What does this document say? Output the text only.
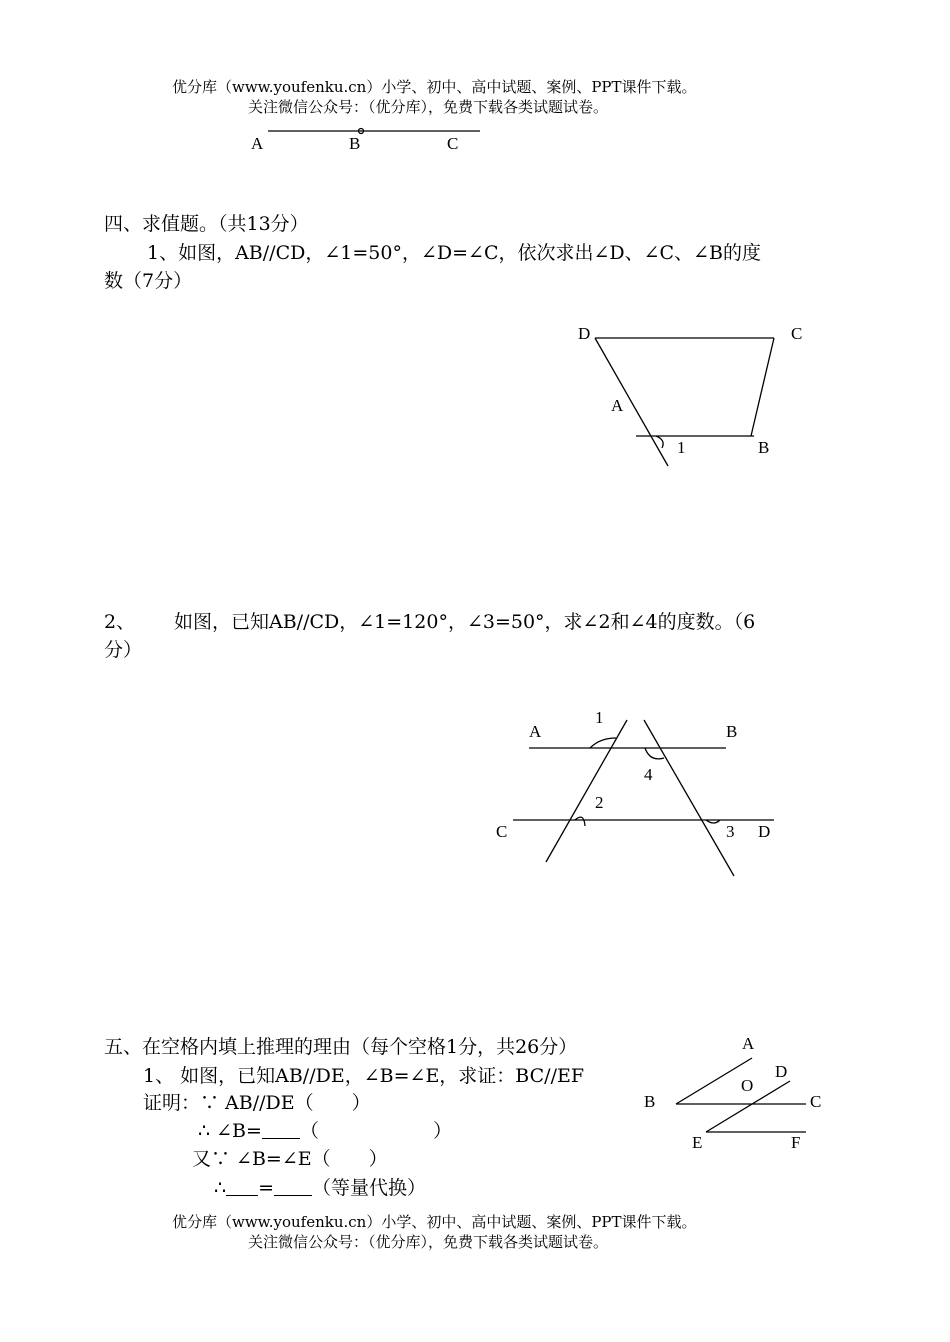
优分库（www.youfenku.cn）小学、初中、高中试题、案例、PPT课件下载。
关注微信公众号：（优分库），免费下载各类试题试卷。
A	B	C
四、求值题。（共13分）
1、如图，AB//CD，∠1=50°，∠D=∠C，依次求出∠D、∠C、∠B的度
数（7分）
D	C
A
1	B
2、 如图，已知AB//CD，∠1=120°，∠3=50°，求∠2和∠4的度数。（6
分）
A
1
B
4
2
C	3 D
五、在空格内填上推理的理由（每个空格1分，共26分）
1、 如图，已知AB//DE，∠B=∠E，求证：BC//EF
证明：∵ AB//DE（　　）
∴ ∠B= （　　　　　　）
又∵ ∠B=∠E（　　）
∴ = （等量代换）
A
D
O
B	C
E	F
优分库（www.youfenku.cn）小学、初中、高中试题、案例、PPT课件下载。
关注微信公众号：（优分库），免费下载各类试题试卷。
